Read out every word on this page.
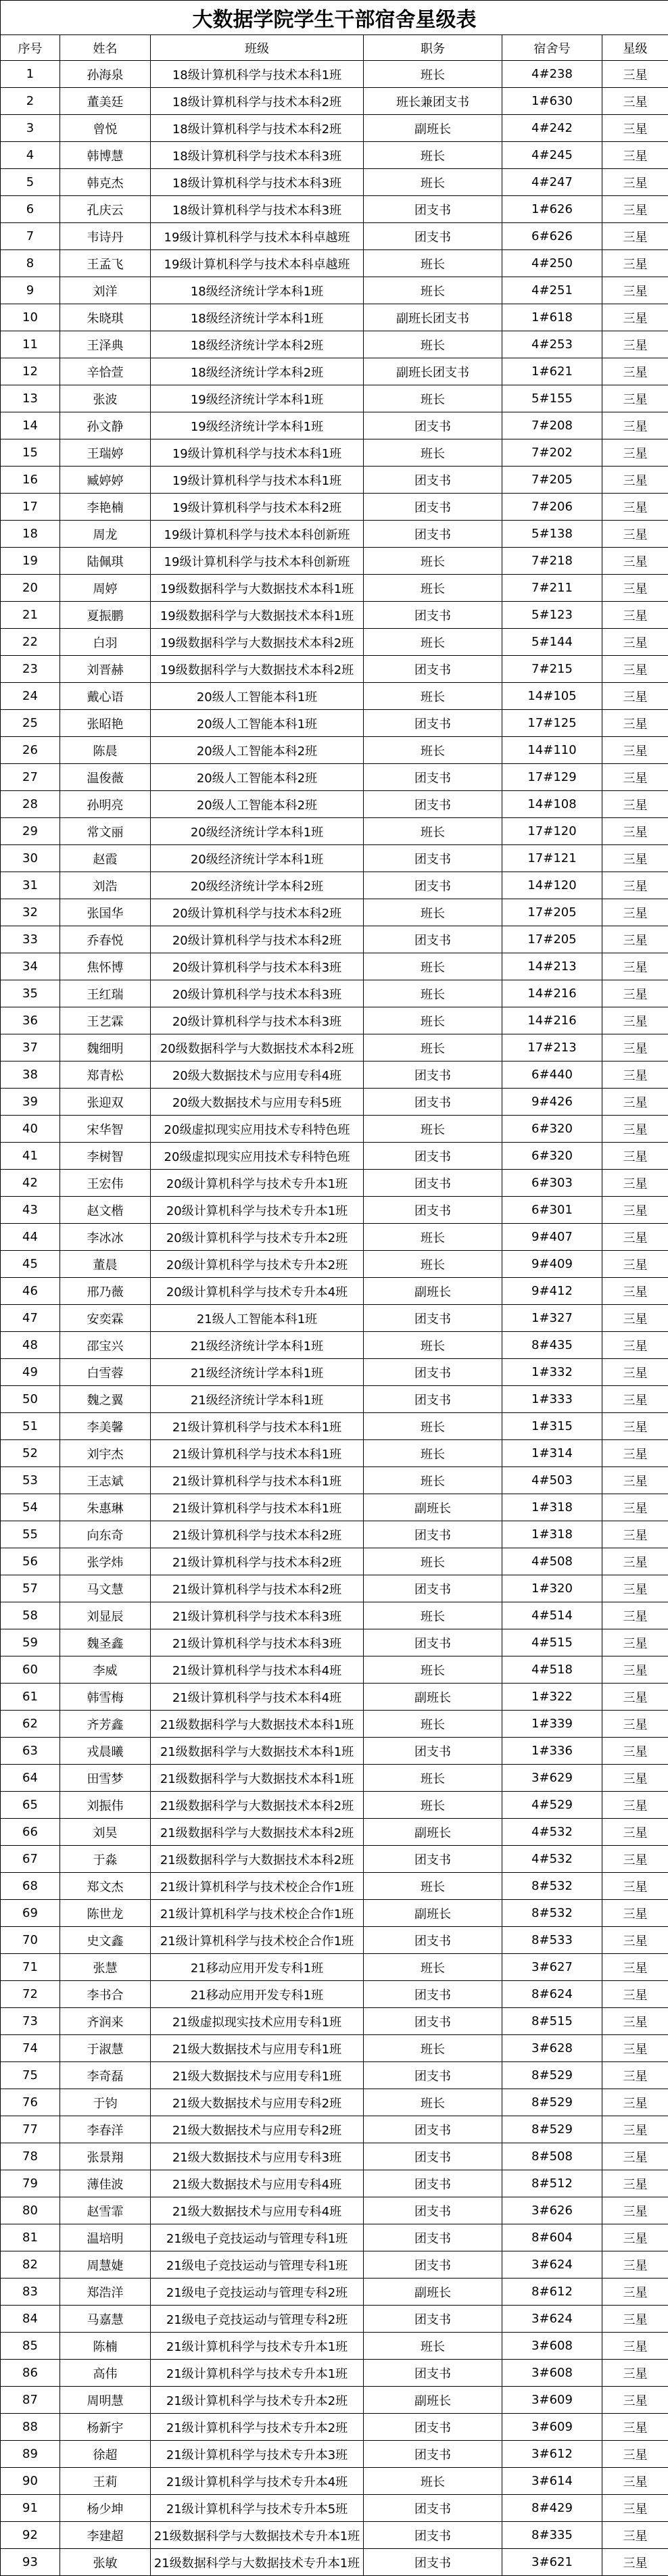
大数据学院学生干部宿舍星级表					
序号	姓名	班级	职务	宿舍号	星级
1	孙海泉	18级计算机科学与技术本科1班	班长	4#238	三星
2	董美廷	18级计算机科学与技术本科2班	班长兼团支书	1#630	三星
3	曾悦	18级计算机科学与技术本科2班	副班长	4#242	三星
4	韩博慧	18级计算机科学与技术本科3班	班长	4#245	三星
5	韩克杰	18级计算机科学与技术本科3班	班长	4#247	三星
6	孔庆云	18级计算机科学与技术本科3班	团支书	1#626	三星
7	韦诗丹	19级计算机科学与技术本科卓越班	团支书	6#626	三星
8	王孟飞	19级计算机科学与技术本科卓越班	班长	4#250	三星
9	刘洋	18级经济统计学本科1班	班长	4#251	三星
10	朱晓琪	18级经济统计学本科1班	副班长团支书	1#618	三星
11	王泽典	18级经济统计学本科2班	班长	4#253	三星
12	辛恰萱	18级经济统计学本科2班	副班长团支书	1#621	三星
13	张波	19级经济统计学本科1班	班长	5#155	三星
14	孙文静	19级经济统计学本科1班	团支书	7#208	三星
15	王瑞婷	19级计算机科学与技术本科1班	班长	7#202	三星
16	臧婷婷	19级计算机科学与技术本科1班	团支书	7#205	三星
17	李艳楠	19级计算机科学与技术本科2班	团支书	7#206	三星
18	周龙	19级计算机科学与技术本科创新班	团支书	5#138	三星
19	陆佩琪	19级计算机科学与技术本科创新班	班长	7#218	三星
20	周婷	19级数据科学与大数据技术本科1班	班长	7#211	三星
21	夏振鹏	19级数据科学与大数据技术本科1班	团支书	5#123	三星
22	白羽	19级数据科学与大数据技术本科2班	班长	5#144	三星
23	刘晋赫	19级数据科学与大数据技术本科2班	团支书	7#215	三星
24	戴心语	20级人工智能本科1班	班长	14#105	三星
25	张昭艳	20级人工智能本科1班	团支书	17#125	三星
26	陈晨	20级人工智能本科2班	班长	14#110	三星
27	温俊薇	20级人工智能本科2班	团支书	17#129	三星
28	孙明亮	20级人工智能本科2班	团支书	14#108	三星
29	常文丽	20级经济统计学本科1班	班长	17#120	三星
30	赵霞	20级经济统计学本科1班	团支书	17#121	三星
31	刘浩	20级经济统计学本科2班	团支书	14#120	三星
32	张国华	20级计算机科学与技术本科2班	班长	17#205	三星
33	乔春悦	20级计算机科学与技术本科2班	团支书	17#205	三星
34	焦怀博	20级计算机科学与技术本科3班	班长	14#213	三星
35	王红瑞	20级计算机科学与技术本科3班	班长	14#216	三星
36	王艺霖	20级计算机科学与技术本科3班	班长	14#216	三星
37	魏细明	20级数据科学与大数据技术本科2班	班长	17#213	三星
38	郑青松	20级大数据技术与应用专科4班	团支书	6#440	三星
39	张迎双	20级大数据技术与应用专科5班	团支书	9#426	三星
40	宋华智	20级虚拟现实应用技术专科特色班	班长	6#320	三星
41	李树智	20级虚拟现实应用技术专科特色班	团支书	6#320	三星
42	王宏伟	20级计算机科学与技术专升本1班	团支书	6#303	三星
43	赵文楷	20级计算机科学与技术专升本1班	团支书	6#301	三星
44	李冰冰	20级计算机科学与技术专升本2班	班长	9#407	三星
45	董晨	20级计算机科学与技术专升本2班	班长	9#409	三星
46	邢乃薇	20级计算机科学与技术专升本4班	副班长	9#412	三星
47	安奕霖	21级人工智能本科1班	团支书	1#327	三星
48	邵宝兴	21级经济统计学本科1班	班长	8#435	三星
49	白雪蓉	21级经济统计学本科1班	团支书	1#332	三星
50	魏之翼	21级经济统计学本科1班	团支书	1#333	三星
51	李美馨	21级计算机科学与技术本科1班	班长	1#315	三星
52	刘宇杰	21级计算机科学与技术本科1班	班长	1#314	三星
53	王志斌	21级计算机科学与技术本科1班	班长	4#503	三星
54	朱惠琳	21级计算机科学与技术本科1班	副班长	1#318	三星
55	向东奇	21级计算机科学与技术本科2班	团支书	1#318	三星
56	张学炜	21级计算机科学与技术本科2班	班长	4#508	三星
57	马文慧	21级计算机科学与技术本科2班	团支书	1#320	三星
58	刘显辰	21级计算机科学与技术本科3班	班长	4#514	三星
59	魏圣鑫	21级计算机科学与技术本科3班	团支书	4#515	三星
60	李威	21级计算机科学与技术本科4班	班长	4#518	三星
61	韩雪梅	21级计算机科学与技术本科4班	副班长	1#322	三星
62	齐芳鑫	21级数据科学与大数据技术本科1班	班长	1#339	三星
63	戎晨曦	21级数据科学与大数据技术本科1班	团支书	1#336	三星
64	田雪梦	21级数据科学与大数据技术本科1班	班长	3#629	三星
65	刘振伟	21级数据科学与大数据技术本科2班	班长	4#529	三星
66	刘昊	21级数据科学与大数据技术本科2班	副班长	4#532	三星
67	于淼	21级数据科学与大数据技术本科2班	团支书	4#532	三星
68	郑文杰	21级计算机科学与技术校企合作1班	班长	8#532	三星
69	陈世龙	21级计算机科学与技术校企合作1班	副班长	8#532	三星
70	史文鑫	21级计算机科学与技术校企合作1班	团支书	8#533	三星
71	张慧	21移动应用开发专科1班	班长	3#627	三星
72	李书合	21移动应用开发专科1班	团支书	8#624	三星
73	齐润来	21级虚拟现实技术应用专科1班	团支书	8#515	三星
74	于淑慧	21级大数据技术与应用专科1班	班长	3#628	三星
75	李奇磊	21级大数据技术与应用专科1班	团支书	8#529	三星
76	于钧	21级大数据技术与应用专科2班	班长	8#529	三星
77	李春洋	21级大数据技术与应用专科2班	团支书	8#529	三星
78	张景翔	21级大数据技术与应用专科3班	团支书	8#508	三星
79	薄佳波	21级大数据技术与应用专科4班	团支书	8#512	三星
80	赵雪霏	21级大数据技术与应用专科4班	团支书	3#626	三星
81	温培明	21级电子竞技运动与管理专科1班	团支书	8#604	三星
82	周慧婕	21级电子竞技运动与管理专科1班	团支书	3#624	三星
83	郑浩洋	21级电子竞技运动与管理专科2班	副班长	8#612	三星
84	马嘉慧	21级电子竞技运动与管理专科2班	团支书	3#624	三星
85	陈楠	21级计算机科学与技术专升本1班	班长	3#608	三星
86	高伟	21级计算机科学与技术专升本1班	团支书	3#608	三星
87	周明慧	21级计算机科学与技术专升本2班	副班长	3#609	三星
88	杨新宇	21级计算机科学与技术专升本2班	团支书	3#609	三星
89	徐超	21级计算机科学与技术专升本3班	团支书	3#612	三星
90	王莉	21级计算机科学与技术专升本4班	班长	3#614	三星
91	杨少坤	21级计算机科学与技术专升本5班	团支书	8#429	三星
92	李建超	21级数据科学与大数据技术专升本1班	团支书	8#335	三星
93	张敏	21级数据科学与大数据技术专升本1班	团支书	3#621	三星
